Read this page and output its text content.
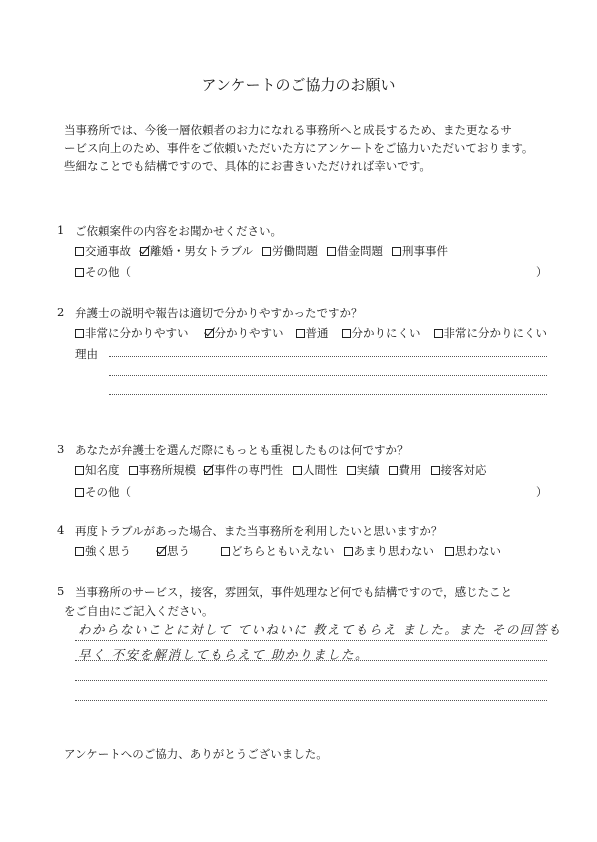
アンケートのご協力のお願い
当事務所では、今後一層依頼者のお力になれる事務所へと成長するため、また更なるサ
ービス向上のため、事件をご依頼いただいた方にアンケートをご協力いただいております。
些細なことでも結構ですので、具体的にお書きいただければ幸いです。
1 ご依頼案件の内容をお聞かせください。
交通事故 離婚・男女トラブル 労働問題 借金問題 刑事事件
その他（	）
2 弁護士の説明や報告は適切で分かりやすかったですか？
非常に分かりやすい 分かりやすい 普通 分かりにくい 非常に分かりにくい
理由
3 あなたが弁護士を選んだ際にもっとも重視したものは何ですか？
知名度 事務所規模 事件の専門性 人間性 実績 費用 接客対応
その他（	）
4 再度トラブルがあった場合、また当事務所を利用したいと思いますか？
強く思う	思う	どちらともいえない あまり思わない 思わない
5 当事務所のサービス，接客，雰囲気，事件処理など何でも結構ですので，感じたこと
をご自由にご記入ください。
わからないことに対して ていねいに 教えてもらえ ました。また その回答も
早く 不安を解消してもらえて 助かりました。
アンケートへのご協力、ありがとうございました。
